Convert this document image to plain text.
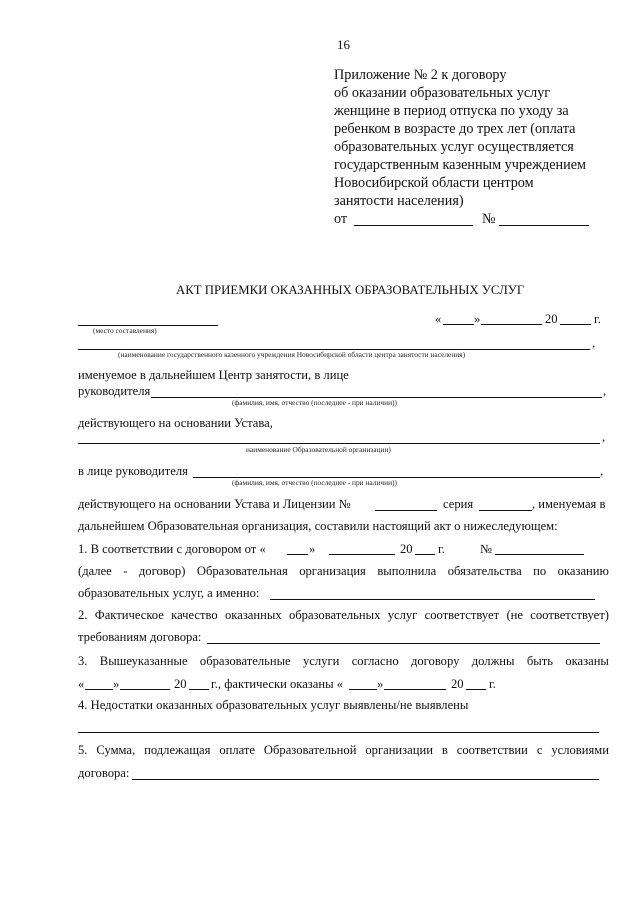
16
Приложение № 2 к договору
об оказании образовательных услуг
женщине в период отпуска по уходу за
ребенком в возрасте до трех лет (оплата
образовательных услуг осуществляется
государственным казенным учреждением
Новосибирской области центром
занятости населения)
от	№
АКТ ПРИЕМКИ ОКАЗАННЫХ ОБРАЗОВАТЕЛЬНЫХ УСЛУГ
(место составления)
«	»	20	г.
,
(наименование государственного казенного учреждения Новосибирской области центра занятости населения)
именуемое в дальнейшем Центр занятости, в лице
руководителя	,
(фамилия, имя, отчество (последнее - при наличии))
действующего на основании Устава,
,
наименование Образовательной организации)
в лице руководителя	,
(фамилия, имя, отчество (последнее - при наличии))
действующего на основании Устава и Лицензии №	серия	, именуемая в
дальнейшем Образовательная организация, составили настоящий акт о нижеследующем:
1. В соответствии с договором от «	»	20 г.	№
(далее - договор) Образовательная организация выполнила обязательства по оказанию
образовательных услуг, а именно:
2. Фактическое качество оказанных образовательных услуг соответствует (не соответствует)
требованиям договора:
3. Вышеуказанные образовательные услуги согласно договору должны быть оказаны
« »	20 г., фактически оказаны «	»	20 г.
4. Недостатки оказанных образовательных услуг выявлены/не выявлены
5. Сумма, подлежащая оплате Образовательной организации в соответствии с условиями
договора:
